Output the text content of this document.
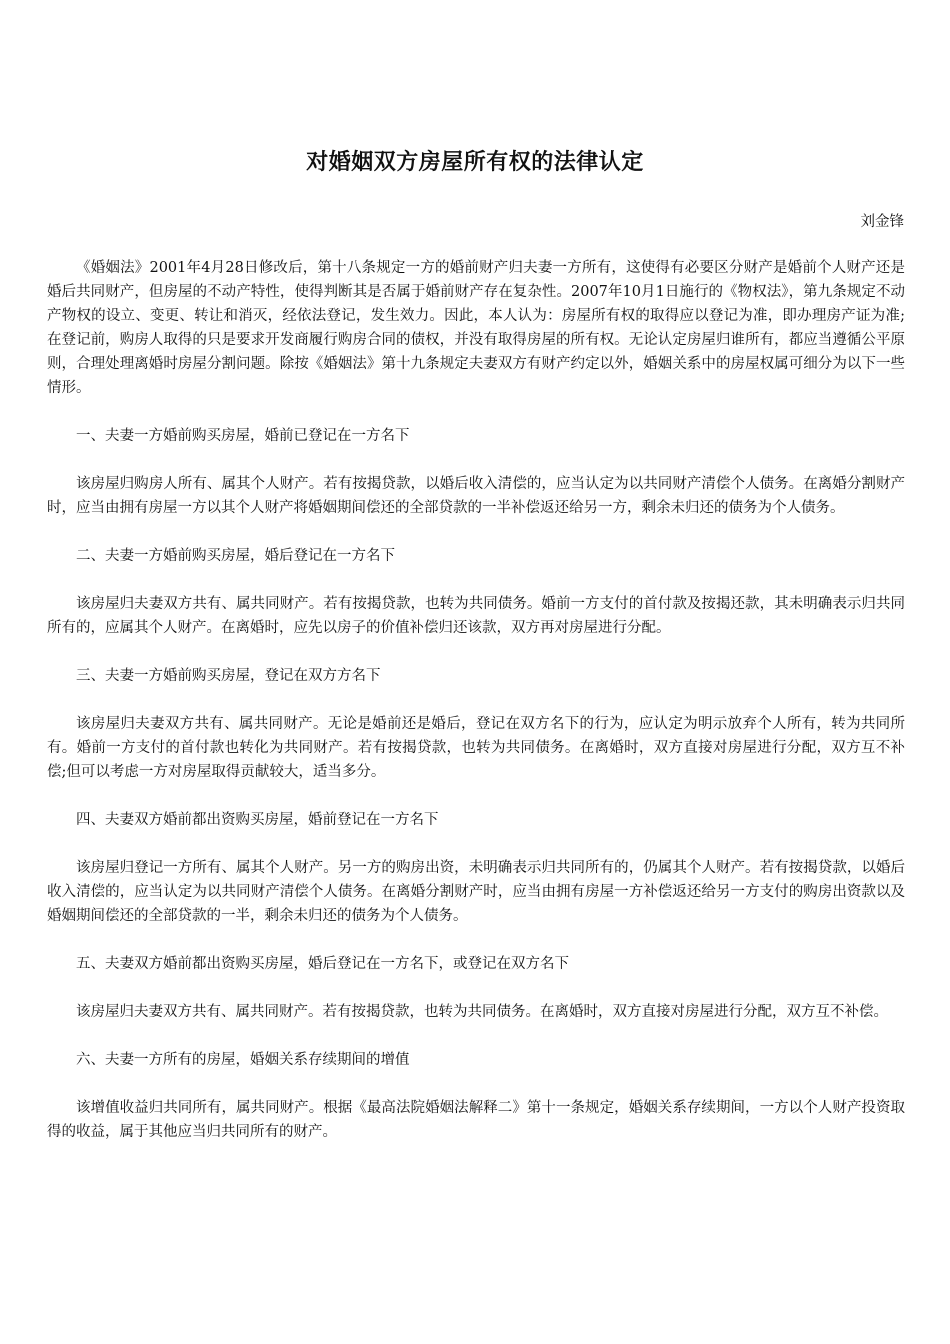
对婚姻双方房屋所有权的法律认定
刘金锋

《婚姻法》2001年4月28日修改后，第十八条规定一方的婚前财产归夫妻一方所有，这使得有必要区分财产是婚前个人财产还是婚后共同财产，但房屋的不动产特性，使得判断其是否属于婚前财产存在复杂性。2007年10月1日施行的《物权法》，第九条规定不动产物权的设立、变更、转让和消灭，经依法登记，发生效力。因此，本人认为：房屋所有权的取得应以登记为准，即办理房产证为准;在登记前，购房人取得的只是要求开发商履行购房合同的债权，并没有取得房屋的所有权。无论认定房屋归谁所有，都应当遵循公平原则，合理处理离婚时房屋分割问题。除按《婚姻法》第十九条规定夫妻双方有财产约定以外，婚姻关系中的房屋权属可细分为以下一些情形。

一、夫妻一方婚前购买房屋，婚前已登记在一方名下

该房屋归购房人所有、属其个人财产。若有按揭贷款，以婚后收入清偿的，应当认定为以共同财产清偿个人债务。在离婚分割财产时，应当由拥有房屋一方以其个人财产将婚姻期间偿还的全部贷款的一半补偿返还给另一方，剩余未归还的债务为个人债务。

二、夫妻一方婚前购买房屋，婚后登记在一方名下

该房屋归夫妻双方共有、属共同财产。若有按揭贷款，也转为共同债务。婚前一方支付的首付款及按揭还款，其未明确表示归共同所有的，应属其个人财产。在离婚时，应先以房子的价值补偿归还该款，双方再对房屋进行分配。

三、夫妻一方婚前购买房屋，登记在双方方名下

该房屋归夫妻双方共有、属共同财产。无论是婚前还是婚后，登记在双方名下的行为，应认定为明示放弃个人所有，转为共同所有。婚前一方支付的首付款也转化为共同财产。若有按揭贷款，也转为共同债务。在离婚时，双方直接对房屋进行分配，双方互不补偿;但可以考虑一方对房屋取得贡献较大，适当多分。

四、夫妻双方婚前都出资购买房屋，婚前登记在一方名下

该房屋归登记一方所有、属其个人财产。另一方的购房出资，未明确表示归共同所有的，仍属其个人财产。若有按揭贷款，以婚后收入清偿的，应当认定为以共同财产清偿个人债务。在离婚分割财产时，应当由拥有房屋一方补偿返还给另一方支付的购房出资款以及婚姻期间偿还的全部贷款的一半，剩余未归还的债务为个人债务。

五、夫妻双方婚前都出资购买房屋，婚后登记在一方名下，或登记在双方名下

该房屋归夫妻双方共有、属共同财产。若有按揭贷款，也转为共同债务。在离婚时，双方直接对房屋进行分配，双方互不补偿。

六、夫妻一方所有的房屋，婚姻关系存续期间的增值

该增值收益归共同所有，属共同财产。根据《最高法院婚姻法解释二》第十一条规定，婚姻关系存续期间，一方以个人财产投资取得的收益，属于其他应当归共同所有的财产。
